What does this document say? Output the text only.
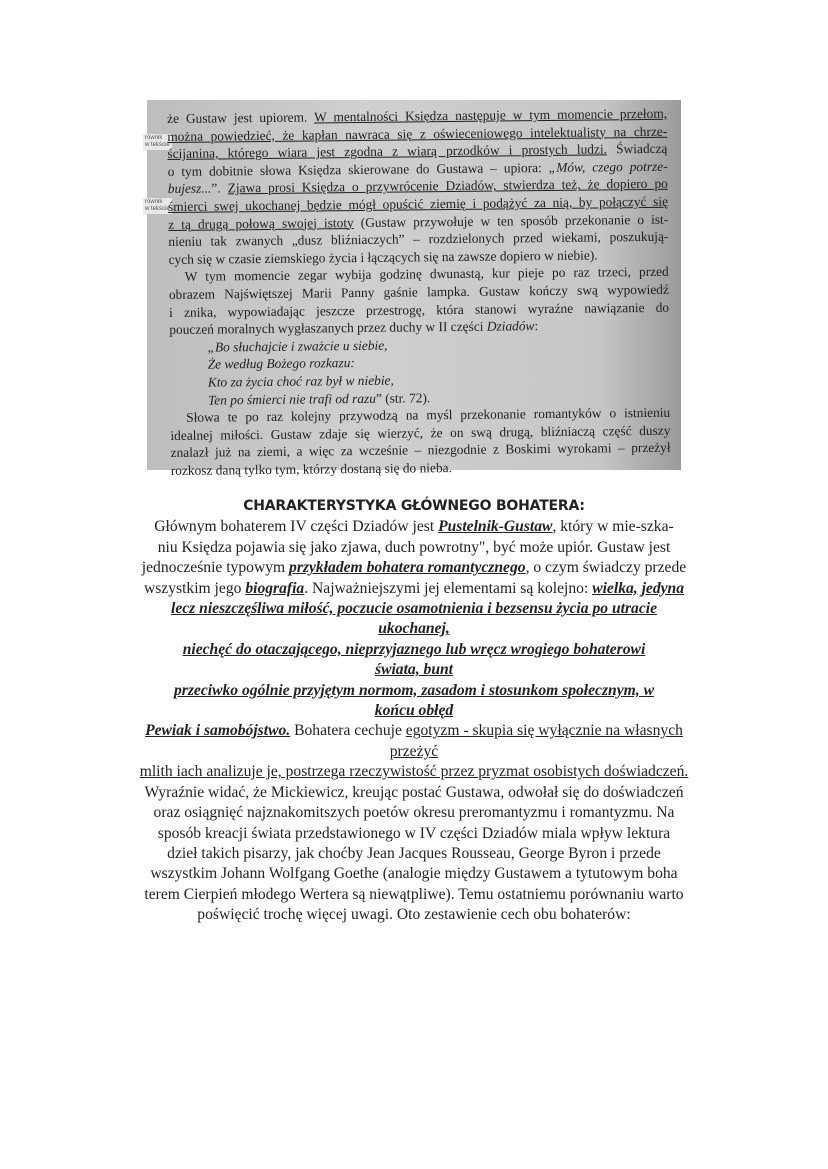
równik
w tekście
równik
w tekście
że Gustaw jest upiorem. W mentalności Księdza następuje w tym momencie przełom,
można powiedzieć, że kapłan nawraca się z oświeceniowego intelektualisty na chrze-
ścijanina, którego wiara jest zgodna z wiarą przodków i prostych ludzi. Świadczą
o tym dobitnie słowa Księdza skierowane do Gustawa – upiora: „Mów, czego potrze-
bujesz...”. Zjawa prosi Księdza o przywrócenie Dziadów, stwierdza też, że dopiero po
śmierci swej ukochanej będzie mógł opuścić ziemię i podążyć za nią, by połączyć się
z tą drugą połową swojej istoty (Gustaw przywołuje w ten sposób przekonanie o ist-
nieniu tak zwanych „dusz bliźniaczych” – rozdzielonych przed wiekami, poszukują-
cych się w czasie ziemskiego życia i łączących się na zawsze dopiero w niebie).
W tym momencie zegar wybija godzinę dwunastą, kur pieje po raz trzeci, przed
obrazem Najświętszej Marii Panny gaśnie lampka. Gustaw kończy swą wypowiedź
i znika, wypowiadając jeszcze przestrogę, która stanowi wyraźne nawiązanie do
pouczeń moralnych wygłaszanych przez duchy w II części Dziadów:
„Bo słuchajcie i zważcie u siebie,
Że według Bożego rozkazu:
Kto za życia choć raz był w niebie,
Ten po śmierci nie trafi od razu” (str. 72).
Słowa te po raz kolejny przywodzą na myśl przekonanie romantyków o istnieniu
idealnej miłości. Gustaw zdaje się wierzyć, że on swą drugą, bliźniaczą część duszy
znalazł już na ziemi, a więc za wcześnie – niezgodnie z Boskimi wyrokami – przeżył
rozkosz daną tylko tym, którzy dostaną się do nieba.
CHARAKTERYSTYKA GŁÓWNEGO BOHATERA:
Głównym bohaterem IV części Dziadów jest Pustelnik-Gustaw, który w mie-szka-
niu Księdza pojawia się jako zjawa, duch powrotny", być może upiór. Gustaw jest
jednocześnie typowym przykładem bohatera romantycznego, o czym świadczy przede
wszystkim jego biografia. Najważniejszymi jej elementami są kolejno: wielka, jedyna
lecz nieszczęśliwa miłość, poczucie osamotnienia i bezsensu życia po utracie
ukochanej,
niechęć do otaczającego, nieprzyjaznego lub wręcz wrogiego bohaterowi
świata, bunt
przeciwko ogólnie przyjętym normom, zasadom i stosunkom społecznym, w
końcu obłęd
Pewiak i samobójstwo. Bohatera cechuje egotyzm - skupia się wyłącznie na własnych
przeżyć
mlith iach analizuje je, postrzega rzeczywistość przez pryzmat osobistych doświadczeń.
Wyraźnie widać, że Mickiewicz, kreując postać Gustawa, odwołał się do doświadczeń
oraz osiągnięć najznakomitszych poetów okresu preromantyzmu i romantyzmu. Na
sposób kreacji świata przedstawionego w IV części Dziadów miala wpływ lektura
dzieł takich pisarzy, jak choćby Jean Jacques Rousseau, George Byron i przede
wszystkim Johann Wolfgang Goethe (analogie między Gustawem a tytutowym boha
terem Cierpień młodego Wertera są niewątpliwe). Temu ostatniemu porównaniu warto
poświęcić trochę więcej uwagi. Oto zestawienie cech obu bohaterów:
